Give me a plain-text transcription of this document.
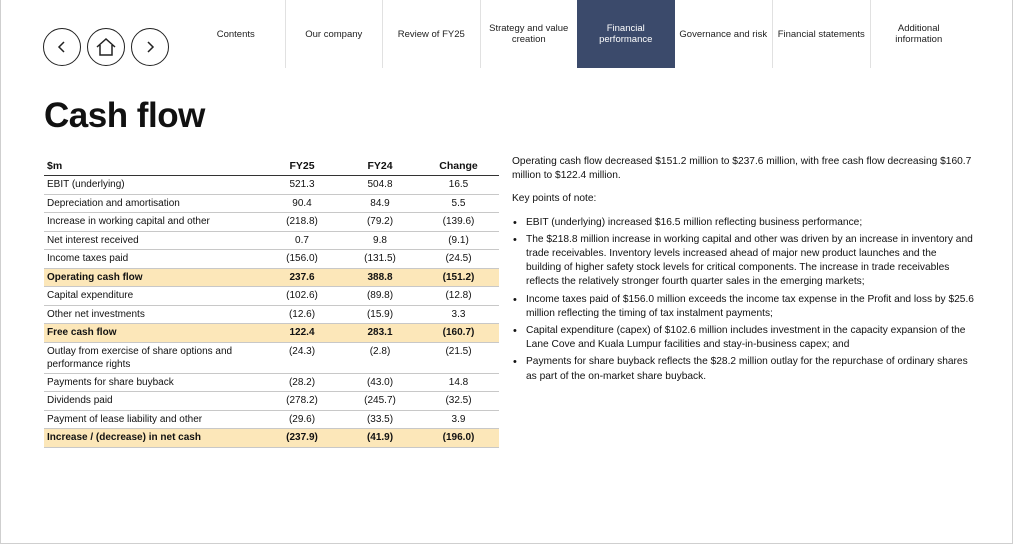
Contents	Our company	Review of FY25	Strategy and value creation
Financial performance	Governance and risk Financial statements	Additional information
Cash flow
$m	FY25	FY24	Change
EBIT (underlying)	521.3	504.8	16.5
Depreciation and amortisation	90.4	84.9	5.5
Increase in working capital and other	(218.8)	(79.2)	(139.6)
Net interest received	0.7	9.8	(9.1)
Income taxes paid	(156.0)	(131.5)	(24.5)
Operating cash flow	237.6	388.8	(151.2)
Capital expenditure	(102.6)	(89.8)	(12.8)
Other net investments	(12.6)	(15.9)	3.3
Free cash flow	122.4	283.1	(160.7)
Outlay from exercise of share options and performance rights	(24.3)	(2.8)	(21.5)
Payments for share buyback	(28.2)	(43.0)	14.8
Dividends paid	(278.2)	(245.7)	(32.5)
Payment of lease liability and other	(29.6)	(33.5)	3.9
Increase / (decrease) in net cash	(237.9)	(41.9)	(196.0)

Operating cash flow decreased $151.2 million to $237.6 million, with free cash flow decreasing $160.7 million to $122.4 million.

Key points of note:

• EBIT (underlying) increased $16.5 million reflecting business performance;
• The $218.8 million increase in working capital and other was driven by an increase in inventory and trade receivables. Inventory levels increased ahead of major new product launches and the building of higher safety stock levels for critical components. The increase in trade receivables reflects the relatively stronger fourth quarter sales in the emerging markets;
• Income taxes paid of $156.0 million exceeds the income tax expense in the Profit and loss by $25.6 million reflecting the timing of tax instalment payments;
• Capital expenditure (capex) of $102.6 million includes investment in the capacity expansion of the Lane Cove and Kuala Lumpur facilities and stay-in-business capex; and
• Payments for share buyback reflects the $28.2 million outlay for the repurchase of ordinary shares as part of the on-market share buyback.
